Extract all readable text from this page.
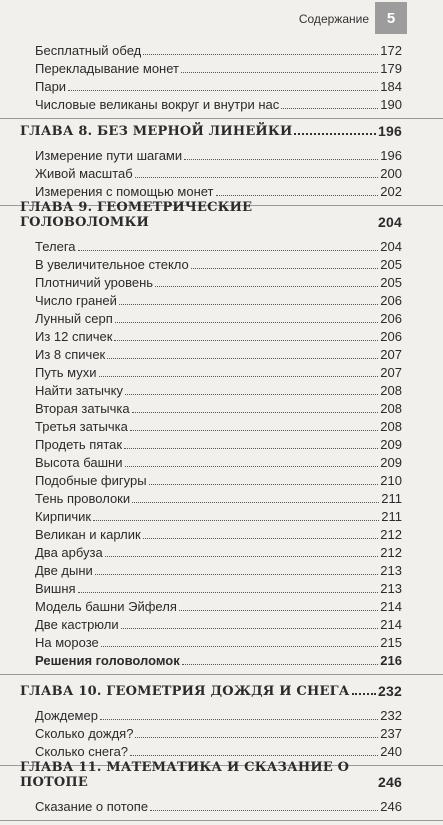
Содержание	5
Бесплатный обед	172
Перекладывание монет	179
Пари	184
Числовые великаны вокруг и внутри нас	190
ГЛАВА 8. БЕЗ МЕРНОЙ ЛИНЕЙКИ	196
Измерение пути шагами	196
Живой масштаб	200
Измерения с помощью монет	202
ГЛАВА 9. ГЕОМЕТРИЧЕСКИЕ ГОЛОВОЛОМКИ	204
Телега	204
В увеличительное стекло	205
Плотничий уровень	205
Число граней	206
Лунный серп	206
Из 12 спичек	206
Из 8 спичек	207
Путь мухи	207
Найти затычку	208
Вторая затычка	208
Третья затычка	208
Продеть пятак	209
Высота башни	209
Подобные фигуры	210
Тень проволоки	211
Кирпичик	211
Великан и карлик	212
Два арбуза	212
Две дыни	213
Вишня	213
Модель башни Эйфеля	214
Две кастрюли	214
На морозе	215
Решения головоломок	216
ГЛАВА 10. ГЕОМЕТРИЯ ДОЖДЯ И СНЕГА 232
Дождемер	232
Сколько дождя?	237
Сколько снега?	240
ГЛАВА 11. МАТЕМАТИКА И СКАЗАНИЕ О ПОТОПЕ	246
Сказание о потопе	246
